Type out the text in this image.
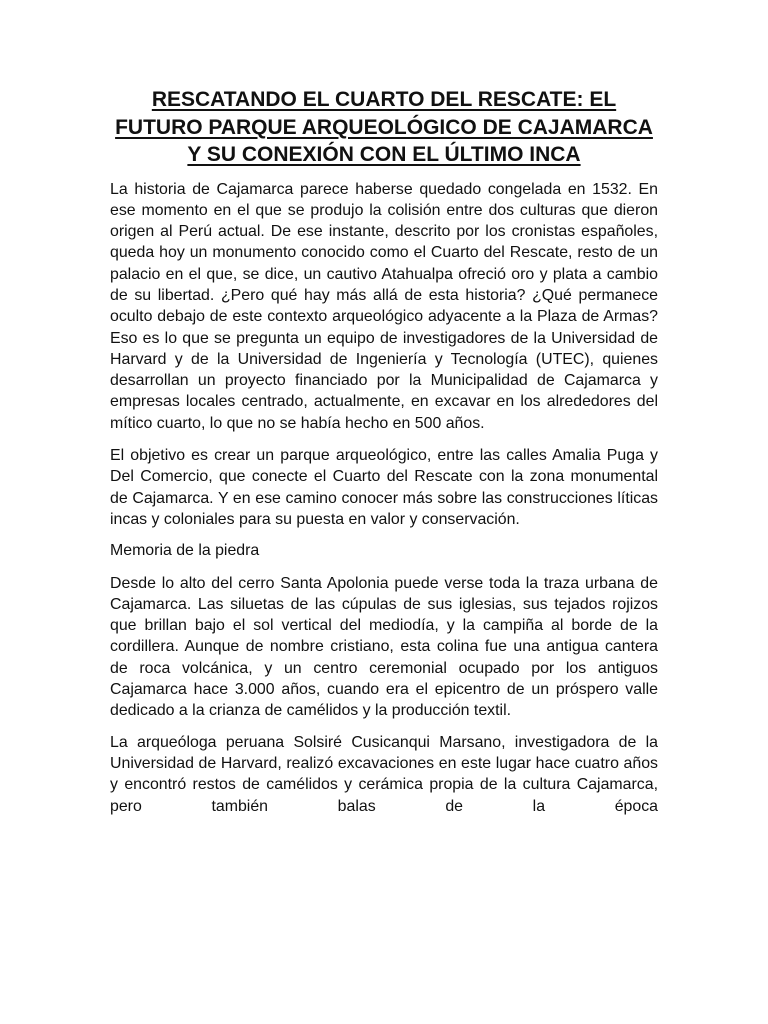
RESCATANDO EL CUARTO DEL RESCATE: EL FUTURO PARQUE ARQUEOLÓGICO DE CAJAMARCA Y SU CONEXIÓN CON EL ÚLTIMO INCA

La historia de Cajamarca parece haberse quedado congelada en 1532. En ese momento en el que se produjo la colisión entre dos culturas que dieron origen al Perú actual. De ese instante, descrito por los cronistas españoles, queda hoy un monumento conocido como el Cuarto del Rescate, resto de un palacio en el que, se dice, un cautivo Atahualpa ofreció oro y plata a cambio de su libertad. ¿Pero qué hay más allá de esta historia? ¿Qué permanece oculto debajo de este contexto arqueológico adyacente a la Plaza de Armas? Eso es lo que se pregunta un equipo de investigadores de la Universidad de Harvard y de la Universidad de Ingeniería y Tecnología (UTEC), quienes desarrollan un proyecto financiado por la Municipalidad de Cajamarca y empresas locales centrado, actualmente, en excavar en los alrededores del mítico cuarto, lo que no se había hecho en 500 años.

El objetivo es crear un parque arqueológico, entre las calles Amalia Puga y Del Comercio, que conecte el Cuarto del Rescate con la zona monumental de Cajamarca. Y en ese camino conocer más sobre las construcciones líticas incas y coloniales para su puesta en valor y conservación.

Memoria de la piedra

Desde lo alto del cerro Santa Apolonia puede verse toda la traza urbana de Cajamarca. Las siluetas de las cúpulas de sus iglesias, sus tejados rojizos que brillan bajo el sol vertical del mediodía, y la campiña al borde de la cordillera. Aunque de nombre cristiano, esta colina fue una antigua cantera de roca volcánica, y un centro ceremonial ocupado por los antiguos Cajamarca hace 3.000 años, cuando era el epicentro de un próspero valle dedicado a la crianza de camélidos y la producción textil.

La arqueóloga peruana Solsiré Cusicanqui Marsano, investigadora de la Universidad de Harvard, realizó excavaciones en este lugar hace cuatro años y encontró restos de camélidos y cerámica propia de la cultura Cajamarca, pero también balas de la época
